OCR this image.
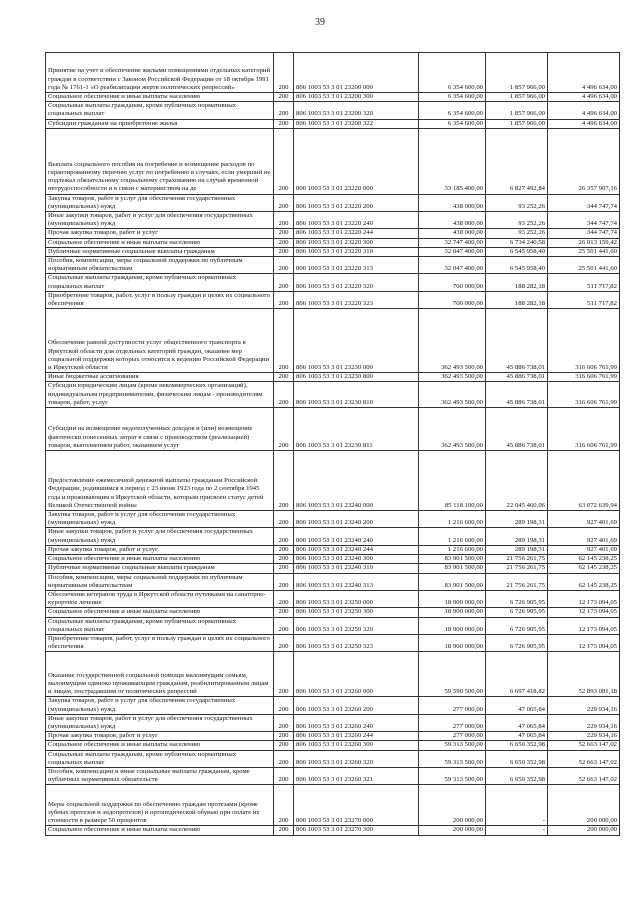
39
Принятие на учет и обеспечение жилыми помещениями отдельных категорий граждан в соответствии с Законом Российской Федерации от 18 октября 1991 года № 1761-1 «О реабилитации жертв политических репрессий»	200	806 1003 53 3 01 23200 000	6 354 600,00	1 857 966,00	4 496 634,00
Социальное обеспечение и иные выплаты населению	200	806 1003 53 3 01 23200 300	6 354 600,00	1 857 966,00	4 496 634,00
Социальные выплаты гражданам, кроме публичных нормативных социальных выплат	200	806 1003 53 3 01 23200 320	6 354 600,00	1 857 966,00	4 496 634,00
Субсидии гражданам на приобретение жилья	200	806 1003 53 3 01 23200 322	6 354 600,00	1 857 966,00	4 496 634,00
Выплата социального пособия на погребение и возмещение расходов по гарантированному перечню услуг по погребению в случаях, если умерший не подлежал обязательному социальному страхованию на случай временной нетрудоспособности и в связи с материнством на де	200	806 1003 53 3 01 23220 000	33 185 400,00	6 827 492,84	26 357 907,16
Закупка товаров, работ и услуг для обеспечения государственных (муниципальных) нужд	200	806 1003 53 3 01 23220 200	438 000,00	93 252,26	344 747,74
Иные закупки товаров, работ и услуг для обеспечения государственных (муниципальных) нужд	200	806 1003 53 3 01 23220 240	438 000,00	93 252,26	344 747,74
Прочая закупка товаров, работ и услуг	200	806 1003 53 3 01 23220 244	438 000,00	93 252,26	344 747,74
Социальное обеспечение и иные выплаты населению	200	806 1003 53 3 01 23220 300	32 747 400,00	6 734 240,58	26 013 159,42
Публичные нормативные социальные выплаты гражданам	200	806 1003 53 3 01 23220 310	32 047 400,00	6 545 958,40	25 501 441,60
Пособия, компенсации, меры социальной поддержки по публичным нормативным обязательствам	200	806 1003 53 3 01 23220 313	32 047 400,00	6 545 958,40	25 501 441,60
Социальные выплаты гражданам, кроме публичных нормативных социальных выплат	200	806 1003 53 3 01 23220 320	700 000,00	188 282,18	511 717,82
Приобретение товаров, работ, услуг в пользу граждан в целях их социального обеспечения	200	806 1003 53 3 01 23220 323	700 000,00	188 282,18	511 717,82
Обеспечение равной доступности услуг общественного транспорта в Иркутской области для отдельных категорий граждан, оказание мер социальной поддержки которых относится к ведению Российской Федерации и Иркутской области	200	806 1003 53 3 01 23230 000	362 493 500,00	45 886 738,01	316 606 761,99
Иные бюджетные ассигнования	200	806 1003 53 3 01 23230 800	362 493 500,00	45 886 738,01	316 606 761,99
Субсидии юридическим лицам (кроме некоммерческих организаций), индивидуальным предпринимателям, физическим лицам - производителям товаров, работ, услуг	200	806 1003 53 3 01 23230 810	362 493 500,00	45 886 738,01	316 606 761,99
Субсидии на возмещение недополученных доходов и (или) возмещение фактически понесенных затрат в связи с производством (реализацией) товаров, выполнением работ, оказанием услуг	200	806 1003 53 3 01 23230 811	362 493 500,00	45 886 738,01	316 606 761,99
Предоставление ежемесячной денежной выплаты гражданам Российской Федерации, родившимся в период с 23 июня 1923 года по 2 сентября 1945 года и проживающим в Иркутской области, которым присвоен статус детей Великой Отечественной войны	200	806 1003 53 3 01 23240 000	85 118 100,00	22 045 460,06	63 072 639,94
Закупка товаров, работ и услуг для обеспечения государственных (муниципальных) нужд	200	806 1003 53 3 01 23240 200	1 216 600,00	289 198,31	927 401,69
Иные закупки товаров, работ и услуг для обеспечения государственных (муниципальных) нужд	200	806 1003 53 3 01 23240 240	1 216 600,00	289 198,31	927 401,69
Прочая закупка товаров, работ и услуг	200	806 1003 53 3 01 23240 244	1 216 600,00	289 198,31	927 401,69
Социальное обеспечение и иные выплаты населению	200	806 1003 53 3 01 23240 300	83 901 500,00	21 756 261,75	62 145 238,25
Публичные нормативные социальные выплаты гражданам	200	806 1003 53 3 01 23240 310	83 901 500,00	21 756 261,75	62 145 238,25
Пособия, компенсации, меры социальной поддержки по публичным нормативным обязательствам	200	806 1003 53 3 01 23240 313	83 901 500,00	21 756 261,75	62 145 238,25
Обеспечение ветеранов труда в Иркутской области путевками на санаторно-курортное лечение	200	806 1003 53 3 01 23250 000	18 900 000,00	6 726 905,95	12 173 094,05
Социальное обеспечение и иные выплаты населению	200	806 1003 53 3 01 23250 300	18 900 000,00	6 726 905,95	12 173 094,05
Социальные выплаты гражданам, кроме публичных нормативных социальных выплат	200	806 1003 53 3 01 23250 320	18 900 000,00	6 726 905,95	12 173 094,05
Приобретение товаров, работ, услуг в пользу граждан в целях их социального обеспечения	200	806 1003 53 3 01 23250 323	18 900 000,00	6 726 905,95	12 173 094,05
Оказание государственной социальной помощи малоимущим семьям, малоимущим одиноко проживающим гражданам, реабилитированным лицам и лицам, пострадавшим от политических репрессий	200	806 1003 53 3 01 23260 000	59 590 500,00	6 697 418,82	52 893 081,18
Закупка товаров, работ и услуг для обеспечения государственных (муниципальных) нужд	200	806 1003 53 3 01 23260 200	277 000,00	47 065,84	229 934,16
Иные закупки товаров, работ и услуг для обеспечения государственных (муниципальных) нужд	200	806 1003 53 3 01 23260 240	277 000,00	47 065,84	229 934,16
Прочая закупка товаров, работ и услуг	200	806 1003 53 3 01 23260 244	277 000,00	47 065,84	229 934,16
Социальное обеспечение и иные выплаты населению	200	806 1003 53 3 01 23260 300	59 313 500,00	6 650 352,98	52 663 147,02
Социальные выплаты гражданам, кроме публичных нормативных социальных выплат	200	806 1003 53 3 01 23260 320	59 313 500,00	6 650 352,98	52 663 147,02
Пособия, компенсации и иные социальные выплаты гражданам, кроме публичных нормативных обязательств	200	806 1003 53 3 01 23260 321	59 313 500,00	6 650 352,98	52 663 147,02
Меры социальной поддержки по обеспечению граждан протезами (кроме зубных протезов и эндопротезов) и ортопедической обувью при оплате их стоимости в размере 50 процентов	200	806 1003 53 3 01 23270 000	200 000,00	-	200 000,00
Социальное обеспечение и иные выплаты населению	200	806 1003 53 3 01 23270 300	200 000,00	-	200 000,00
